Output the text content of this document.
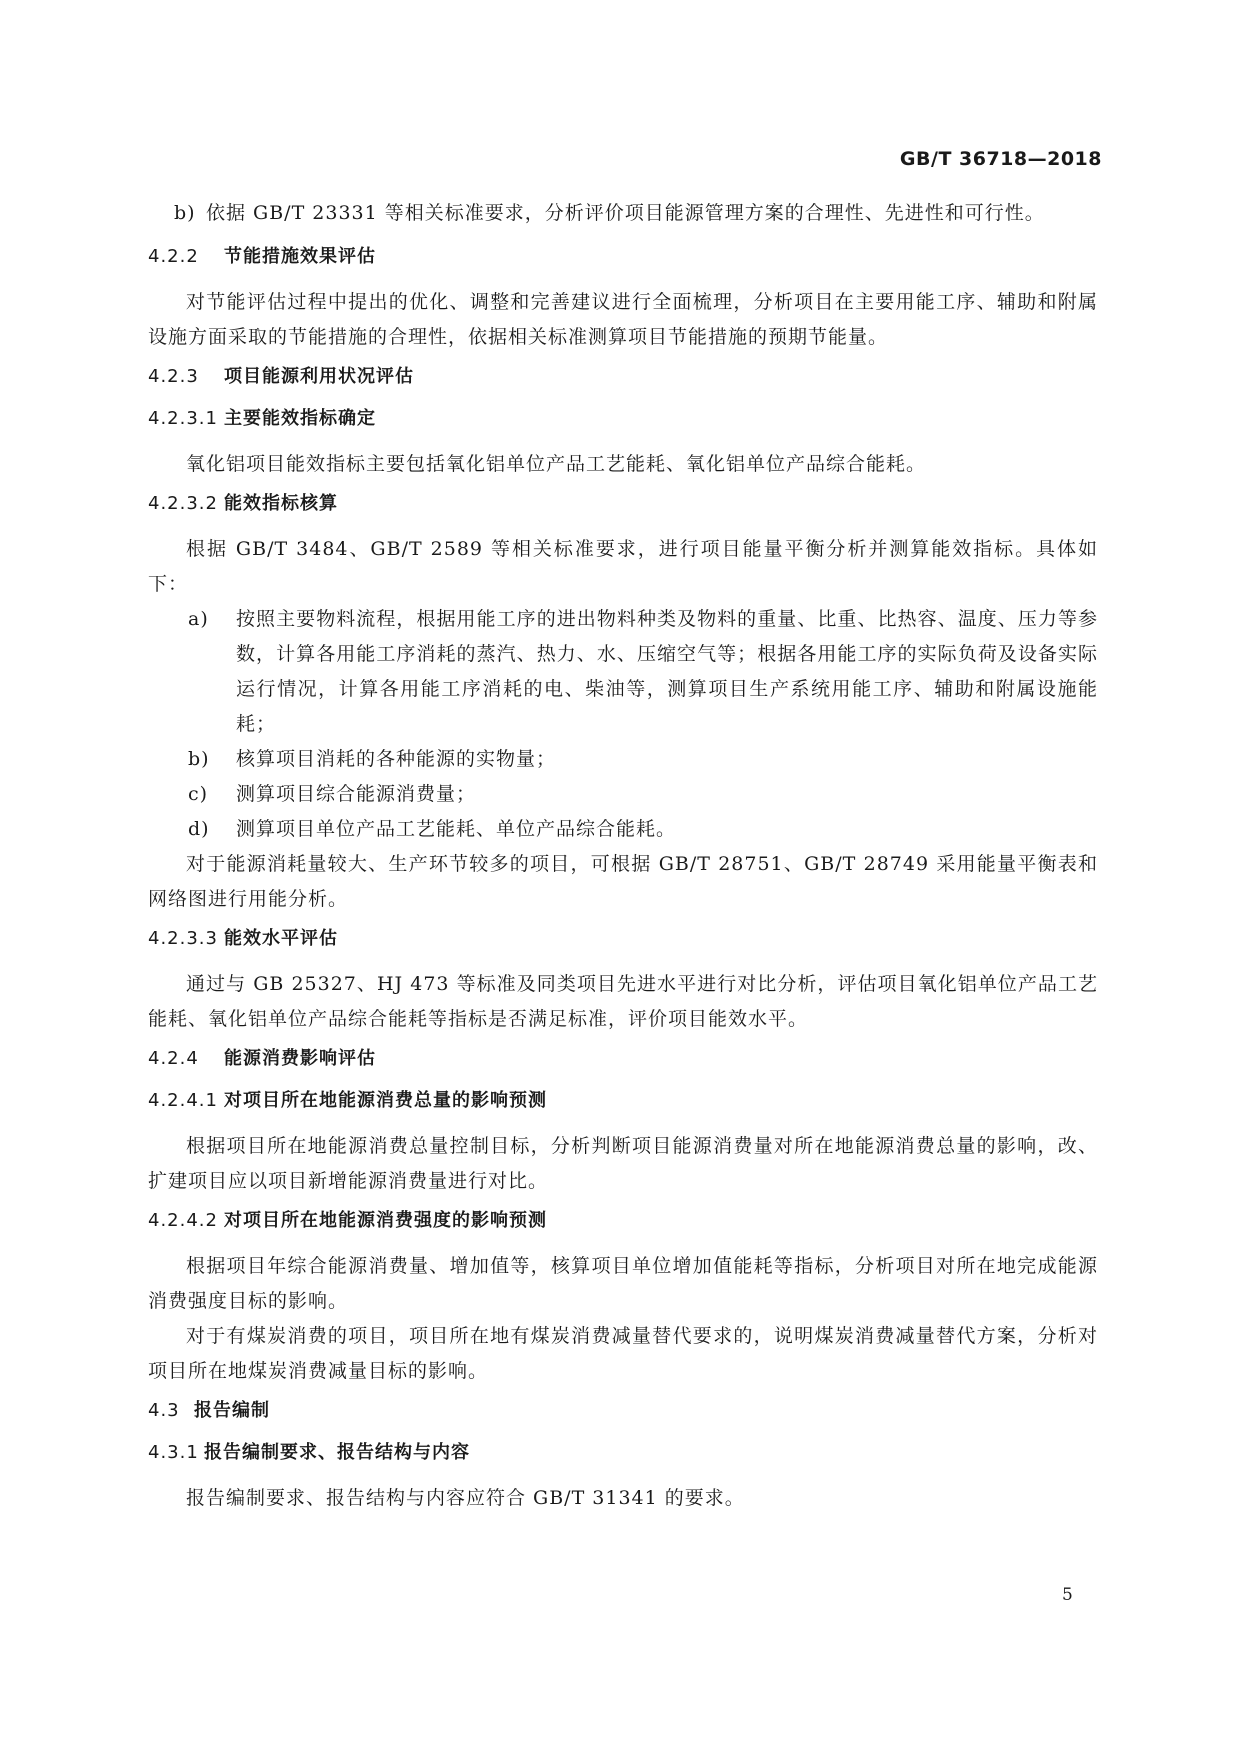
GB/T 36718—2018
b) 依据 GB/T 23331 等相关标准要求，分析评价项目能源管理方案的合理性、先进性和可行性。
4.2.2 节能措施效果评估

对节能评估过程中提出的优化、调整和完善建议进行全面梳理，分析项目在主要用能工序、辅助和附属设施方面采取的节能措施的合理性，依据相关标准测算项目节能措施的预期节能量。

4.2.3 项目能源利用状况评估
4.2.3.1 主要能效指标确定

氧化铝项目能效指标主要包括氧化铝单位产品工艺能耗、氧化铝单位产品综合能耗。

4.2.3.2 能效指标核算

根据 GB/T 3484、GB/T 2589 等相关标准要求，进行项目能量平衡分析并测算能效指标。具体如下：

a) 按照主要物料流程，根据用能工序的进出物料种类及物料的重量、比重、比热容、温度、压力等参数，计算各用能工序消耗的蒸汽、热力、水、压缩空气等；根据各用能工序的实际负荷及设备实际运行情况，计算各用能工序消耗的电、柴油等，测算项目生产系统用能工序、辅助和附属设施能耗；
b) 核算项目消耗的各种能源的实物量；
c) 测算项目综合能源消费量；
d) 测算项目单位产品工艺能耗、单位产品综合能耗。

对于能源消耗量较大、生产环节较多的项目，可根据 GB/T 28751、GB/T 28749 采用能量平衡表和网络图进行用能分析。

4.2.3.3 能效水平评估

通过与 GB 25327、HJ 473 等标准及同类项目先进水平进行对比分析，评估项目氧化铝单位产品工艺能耗、氧化铝单位产品综合能耗等指标是否满足标准，评价项目能效水平。

4.2.4 能源消费影响评估
4.2.4.1 对项目所在地能源消费总量的影响预测

根据项目所在地能源消费总量控制目标，分析判断项目能源消费量对所在地能源消费总量的影响，改、扩建项目应以项目新增能源消费量进行对比。

4.2.4.2 对项目所在地能源消费强度的影响预测

根据项目年综合能源消费量、增加值等，核算项目单位增加值能耗等指标，分析项目对所在地完成能源消费强度目标的影响。

对于有煤炭消费的项目，项目所在地有煤炭消费减量替代要求的，说明煤炭消费减量替代方案，分析对项目所在地煤炭消费减量目标的影响。

4.3 报告编制
4.3.1 报告编制要求、报告结构与内容

报告编制要求、报告结构与内容应符合 GB/T 31341 的要求。

5
